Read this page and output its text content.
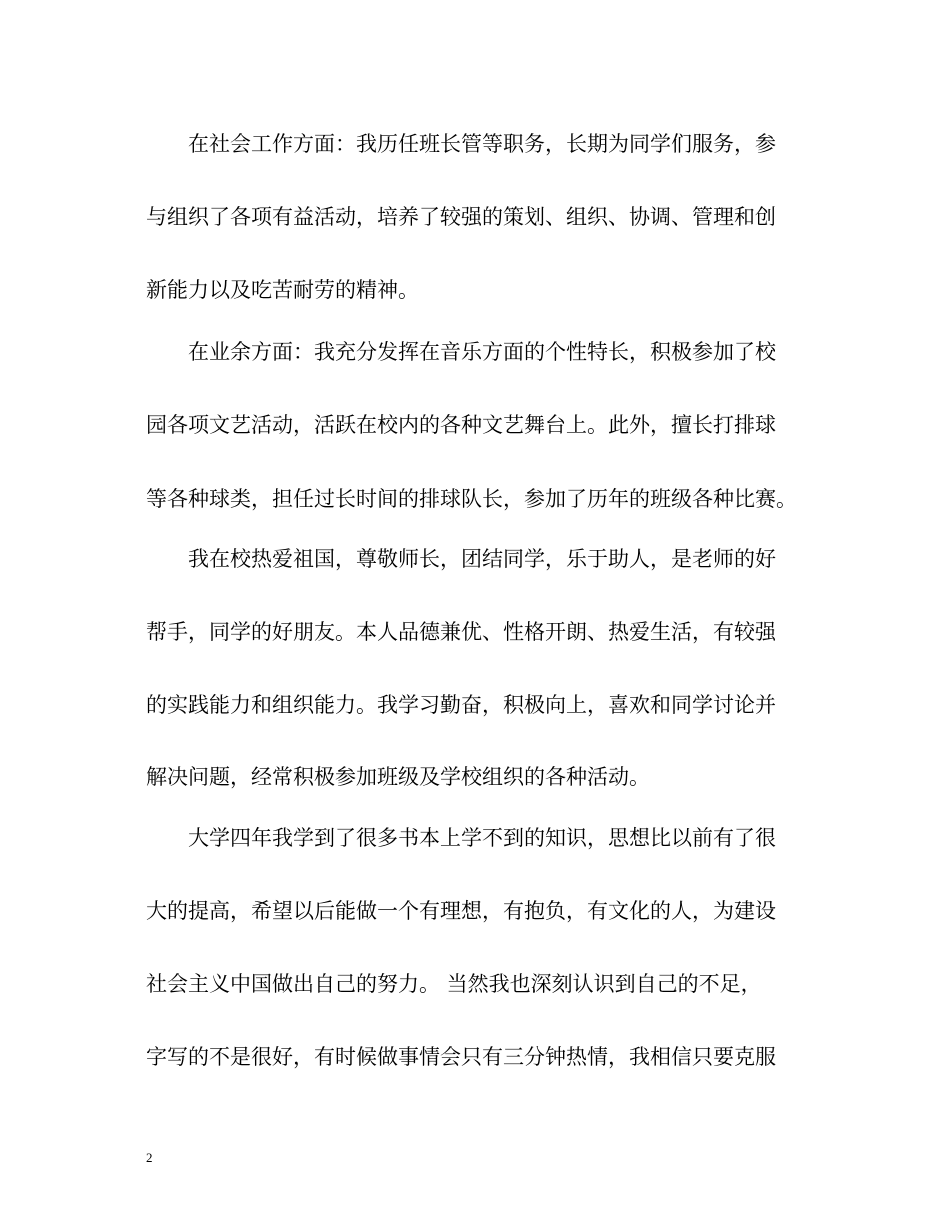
在社会工作方面：我历任班长管等职务，长期为同学们服务，参
与组织了各项有益活动，培养了较强的策划、组织、协调、管理和创
新能力以及吃苦耐劳的精神。
在业余方面：我充分发挥在音乐方面的个性特长，积极参加了校
园各项文艺活动，活跃在校内的各种文艺舞台上。此外，擅长打排球
等各种球类，担任过长时间的排球队长，参加了历年的班级各种比赛。
我在校热爱祖国，尊敬师长，团结同学，乐于助人，是老师的好
帮手，同学的好朋友。本人品德兼优、性格开朗、热爱生活，有较强
的实践能力和组织能力。我学习勤奋，积极向上，喜欢和同学讨论并
解决问题，经常积极参加班级及学校组织的各种活动。
大学四年我学到了很多书本上学不到的知识，思想比以前有了很
大的提高，希望以后能做一个有理想，有抱负，有文化的人，为建设
社会主义中国做出自己的努力。 当然我也深刻认识到自己的不足，
字写的不是很好，有时候做事情会只有三分钟热情，我相信只要克服
2
